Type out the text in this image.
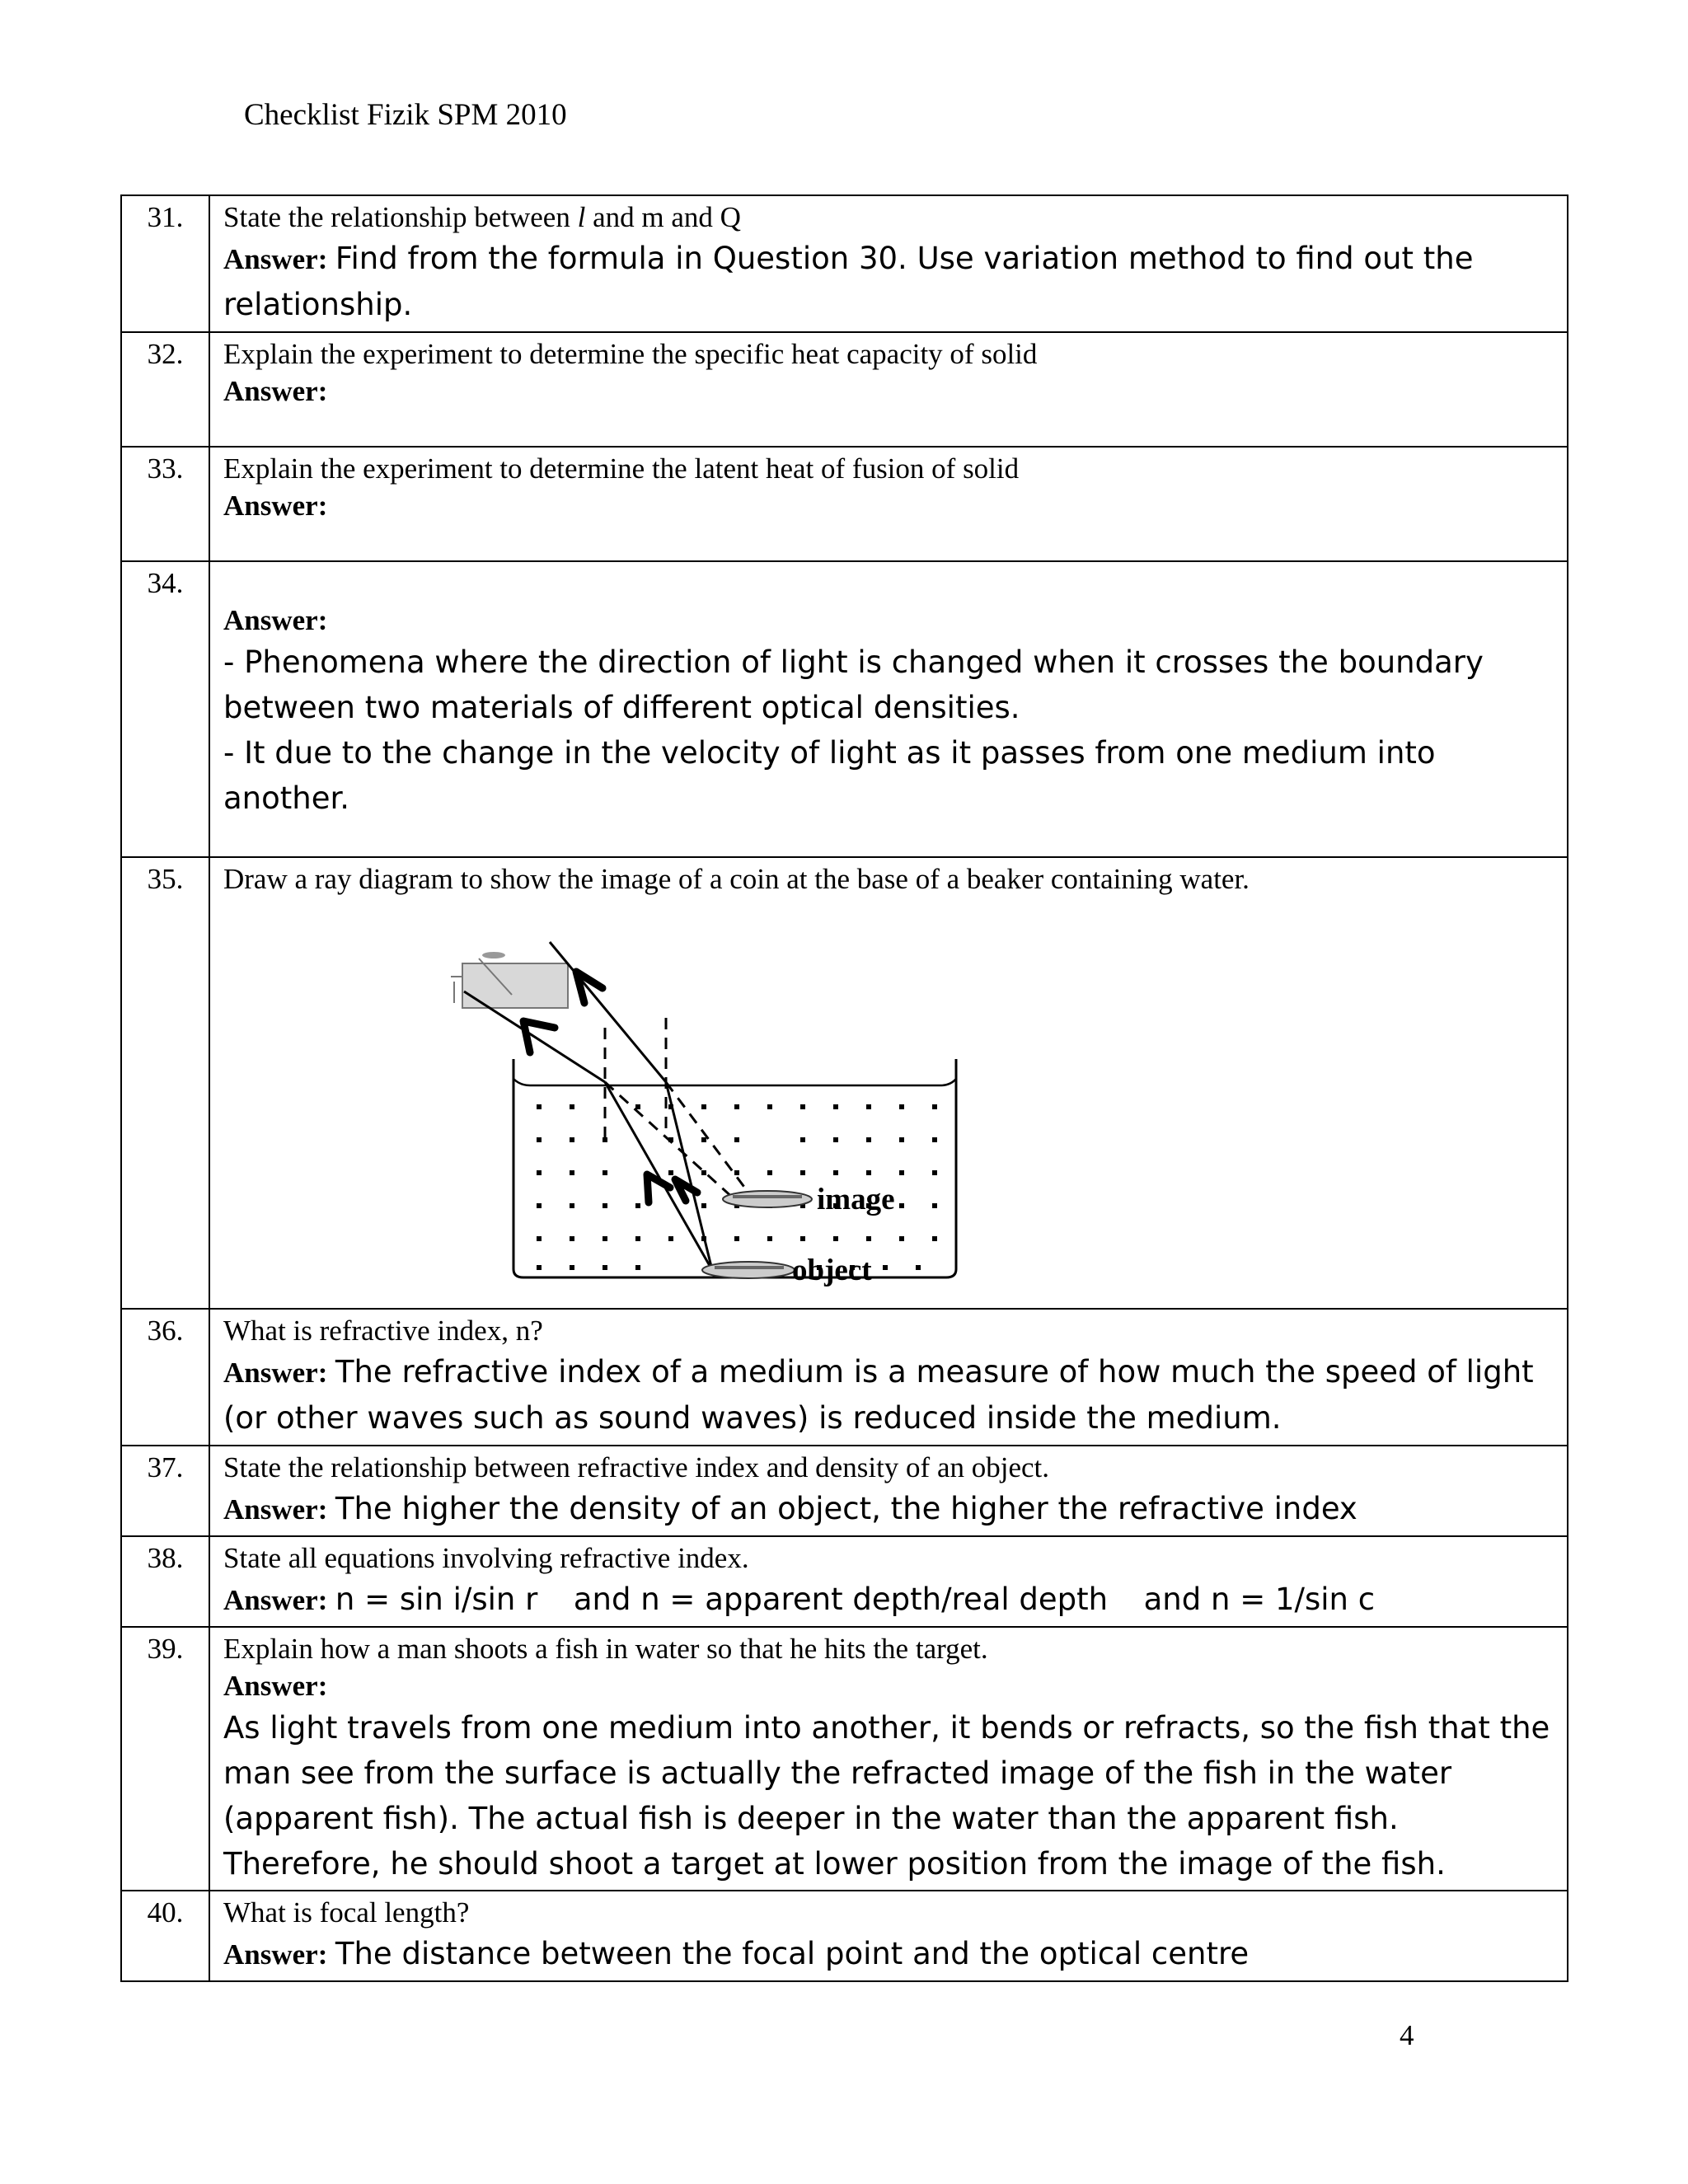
Checklist Fizik SPM 2010
31.	State the relationship between l and m and Q
Answer: Find from the formula in Question 30. Use variation method to find out the relationship.

32.	Explain the experiment to determine the specific heat capacity of solid
Answer:

33.	Explain the experiment to determine the latent heat of fusion of solid
Answer:

34.	Answer:
- Phenomena where the direction of light is changed when it crosses the boundary between two materials of different optical densities.
- It due to the change in the velocity of light as it passes from one medium into another.

35.	Draw a ray diagram to show the image of a coin at the base of a beaker containing water.
image
object

36.	What is refractive index, n?
Answer: The refractive index of a medium is a measure of how much the speed of light (or other waves such as sound waves) is reduced inside the medium.

37.	State the relationship between refractive index and density of an object.
Answer: The higher the density of an object, the higher the refractive index

38.	State all equations involving refractive index.
Answer: n = sin i/sin r and n = apparent depth/real depth and n = 1/sin c

39.	Explain how a man shoots a fish in water so that he hits the target.
Answer:
As light travels from one medium into another, it bends or refracts, so the fish that the man see from the surface is actually the refracted image of the fish in the water (apparent fish). The actual fish is deeper in the water than the apparent fish. Therefore, he should shoot a target at lower position from the image of the fish.

40.	What is focal length?
Answer: The distance between the focal point and the optical centre
4
